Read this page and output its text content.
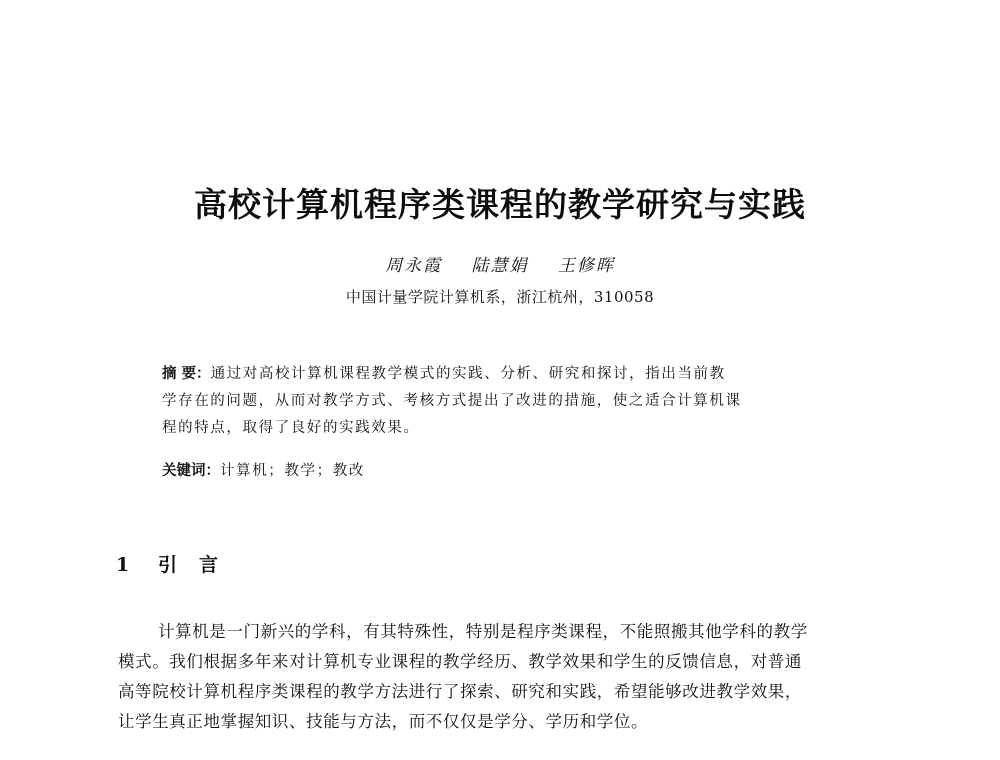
高校计算机程序类课程的教学研究与实践
周永霞 陆慧娟 王修晖
中国计量学院计算机系，浙江杭州，310058
摘 要：通过对高校计算机课程教学模式的实践、分析、研究和探讨，指出当前教
学存在的问题，从而对教学方式、考核方式提出了改进的措施，使之适合计算机课
程的特点，取得了良好的实践效果。
关键词：计算机；教学；教改
1 引言
计算机是一门新兴的学科，有其特殊性，特别是程序类课程，不能照搬其他学科的教学
模式。我们根据多年来对计算机专业课程的教学经历、教学效果和学生的反馈信息，对普通
高等院校计算机程序类课程的教学方法进行了探索、研究和实践，希望能够改进教学效果，
让学生真正地掌握知识、技能与方法，而不仅仅是学分、学历和学位。
